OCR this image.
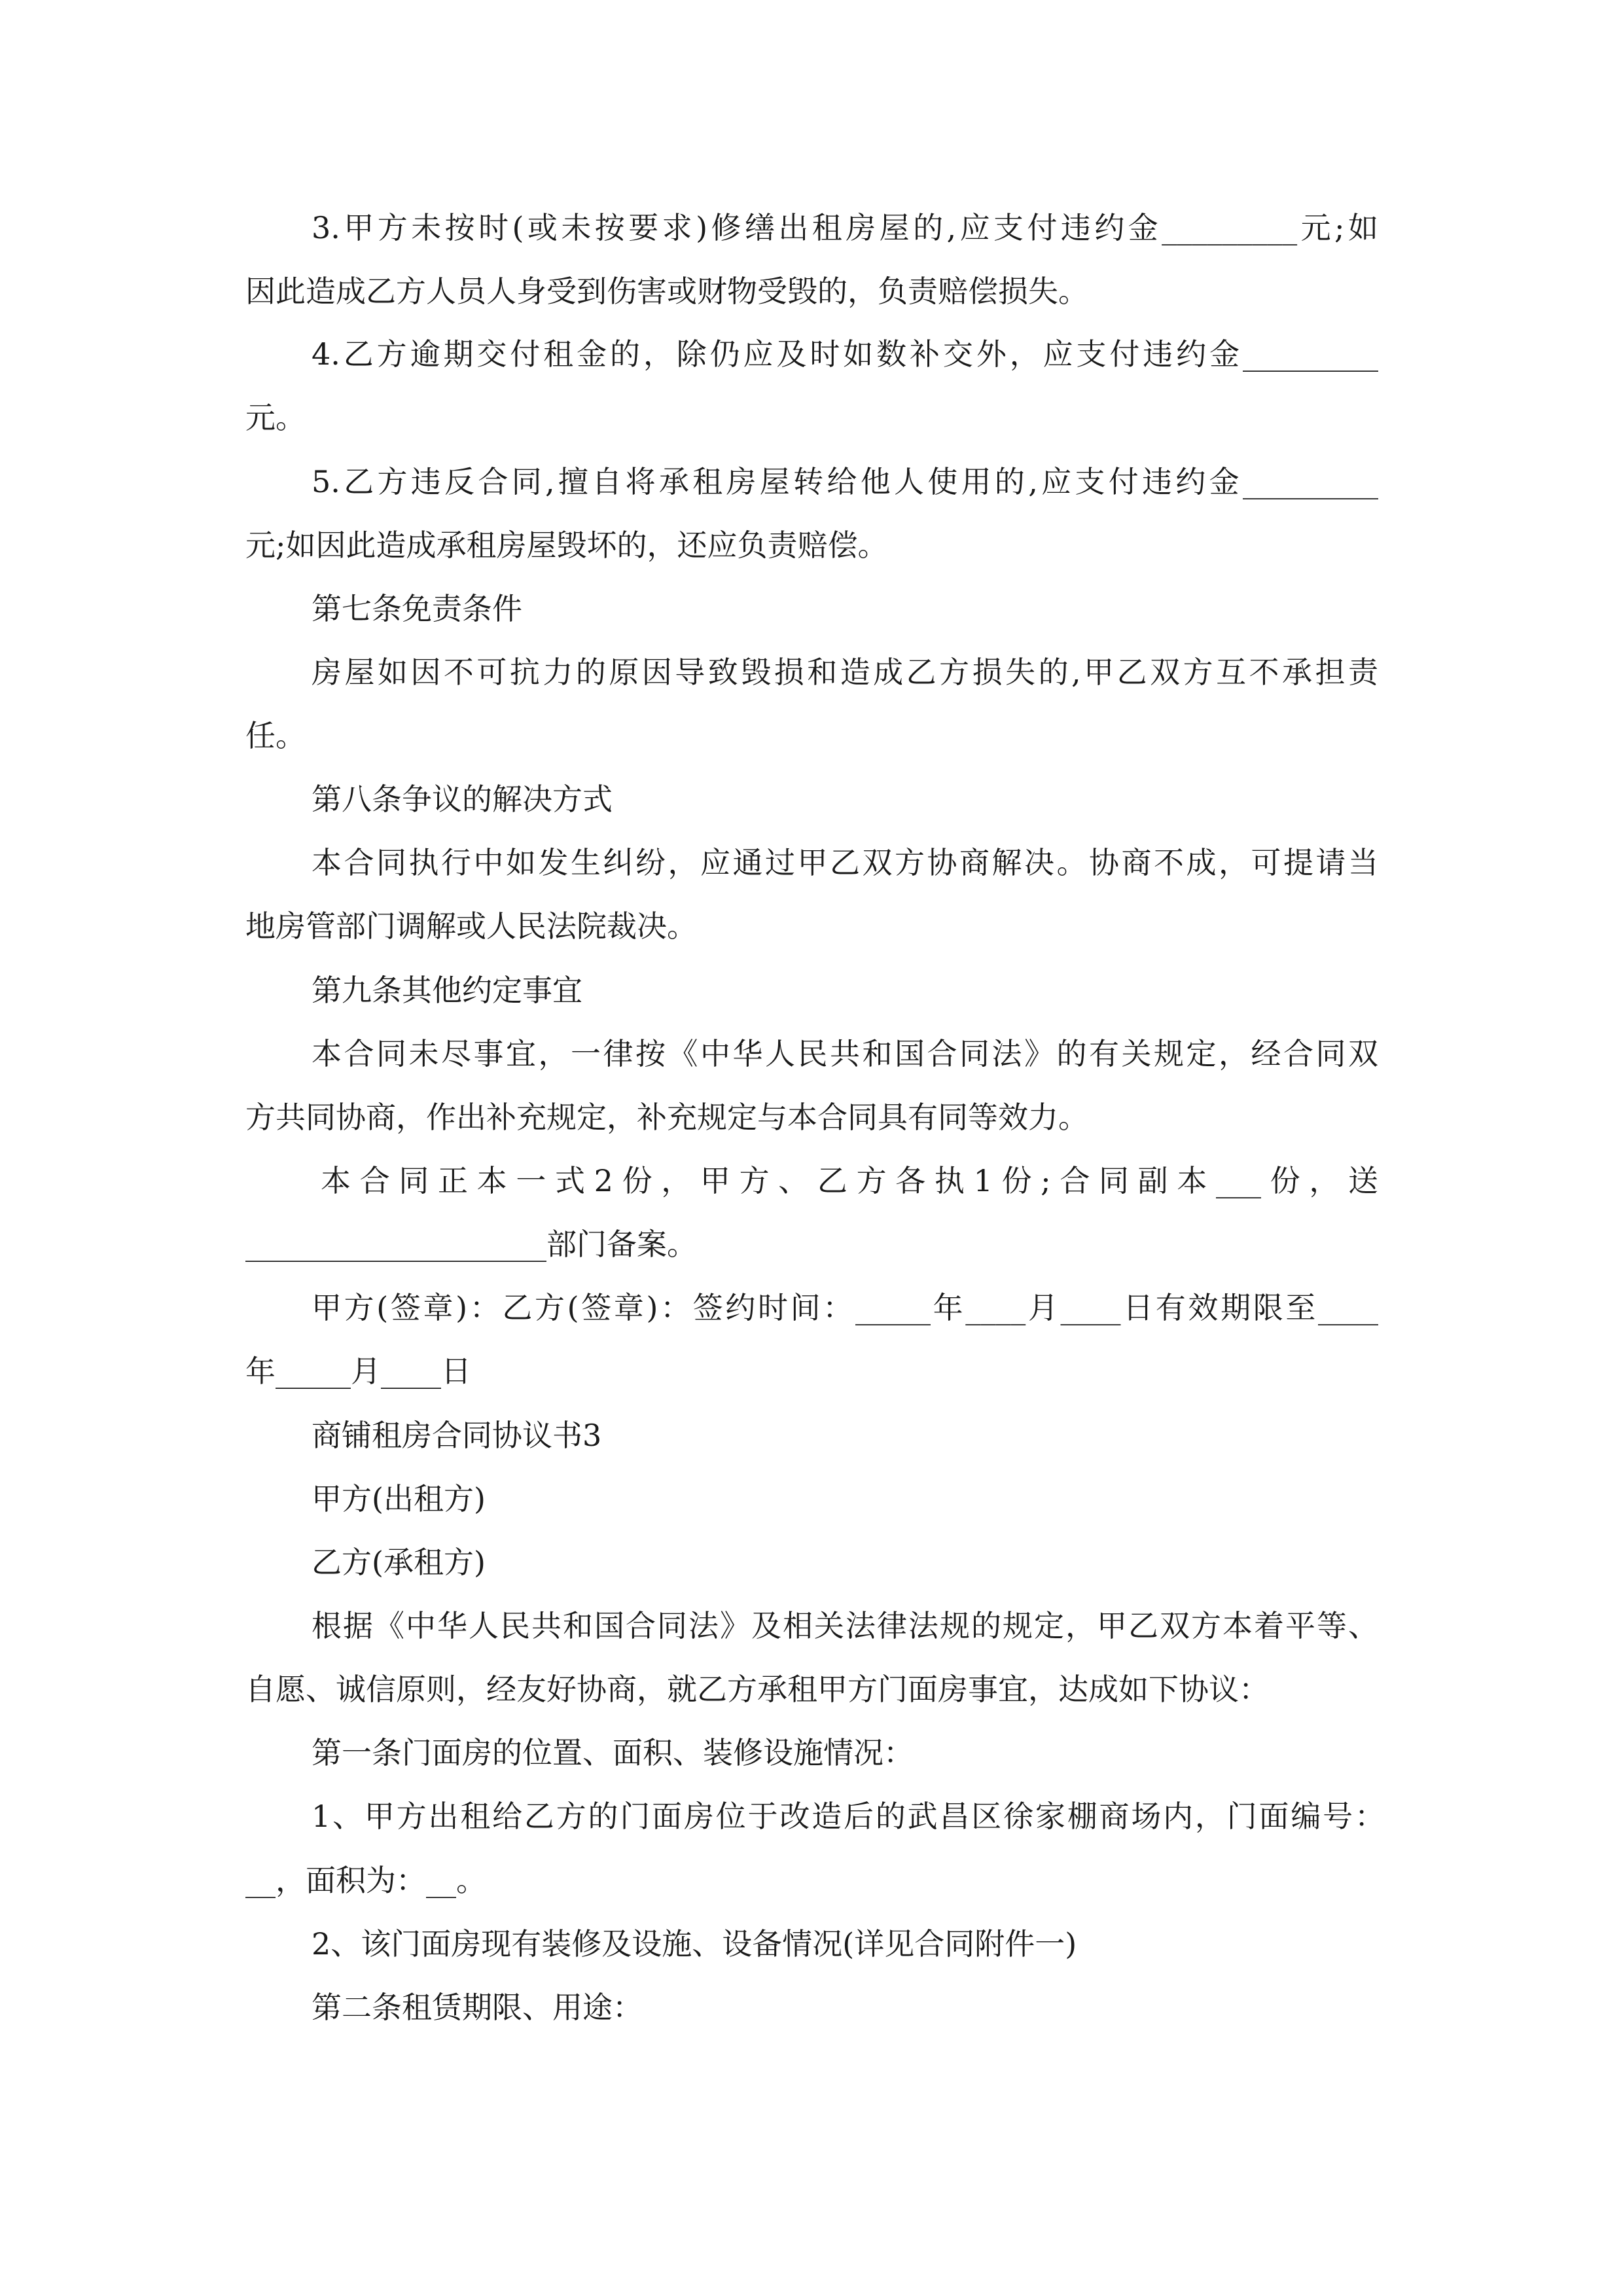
3.甲方未按时(或未按要求)修缮出租房屋的,应支付违约金_________元;如

因此造成乙方人员人身受到伤害或财物受毁的，负责赔偿损失。

4.乙方逾期交付租金的，除仍应及时如数补交外，应支付违约金_________

元。

5.乙方违反合同,擅自将承租房屋转给他人使用的,应支付违约金_________

元;如因此造成承租房屋毁坏的，还应负责赔偿。

第七条免责条件

房屋如因不可抗力的原因导致毁损和造成乙方损失的,甲乙双方互不承担责

任。

第八条争议的解决方式

本合同执行中如发生纠纷，应通过甲乙双方协商解决。协商不成，可提请当

地房管部门调解或人民法院裁决。

第九条其他约定事宜

本合同未尽事宜，一律按《中华人民共和国合同法》的有关规定，经合同双

方共同协商，作出补充规定，补充规定与本合同具有同等效力。

本合同正本一式2份，甲方、乙方各执1份;合同副本___份，送

____________________部门备案。

甲方(签章)：乙方(签章)：签约时间：_____年____月____日有效期限至____

年_____月____日

商铺租房合同协议书3

甲方(出租方)

乙方(承租方)

根据《中华人民共和国合同法》及相关法律法规的规定，甲乙双方本着平等、

自愿、诚信原则，经友好协商，就乙方承租甲方门面房事宜，达成如下协议：

第一条门面房的位置、面积、装修设施情况：

1、甲方出租给乙方的门面房位于改造后的武昌区徐家棚商场内，门面编号：

__，面积为：__。

2、该门面房现有装修及设施、设备情况(详见合同附件一)

第二条租赁期限、用途：
